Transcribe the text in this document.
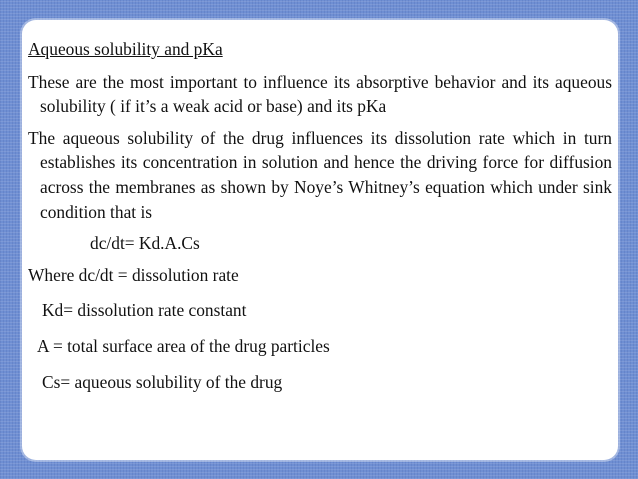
Aqueous solubility and pKa

These are the most important to influence its absorptive behavior and its aqueous solubility ( if it’s a weak acid or base) and its pKa

The aqueous solubility of the drug influences its dissolution rate which in turn establishes its concentration in solution and hence the driving force for diffusion across the membranes as shown by Noye’s Whitney’s equation which under sink condition that is

dc/dt= Kd.A.Cs

Where dc/dt = dissolution rate

Kd= dissolution rate constant

A = total surface area of the drug particles

Cs= aqueous solubility of the drug
